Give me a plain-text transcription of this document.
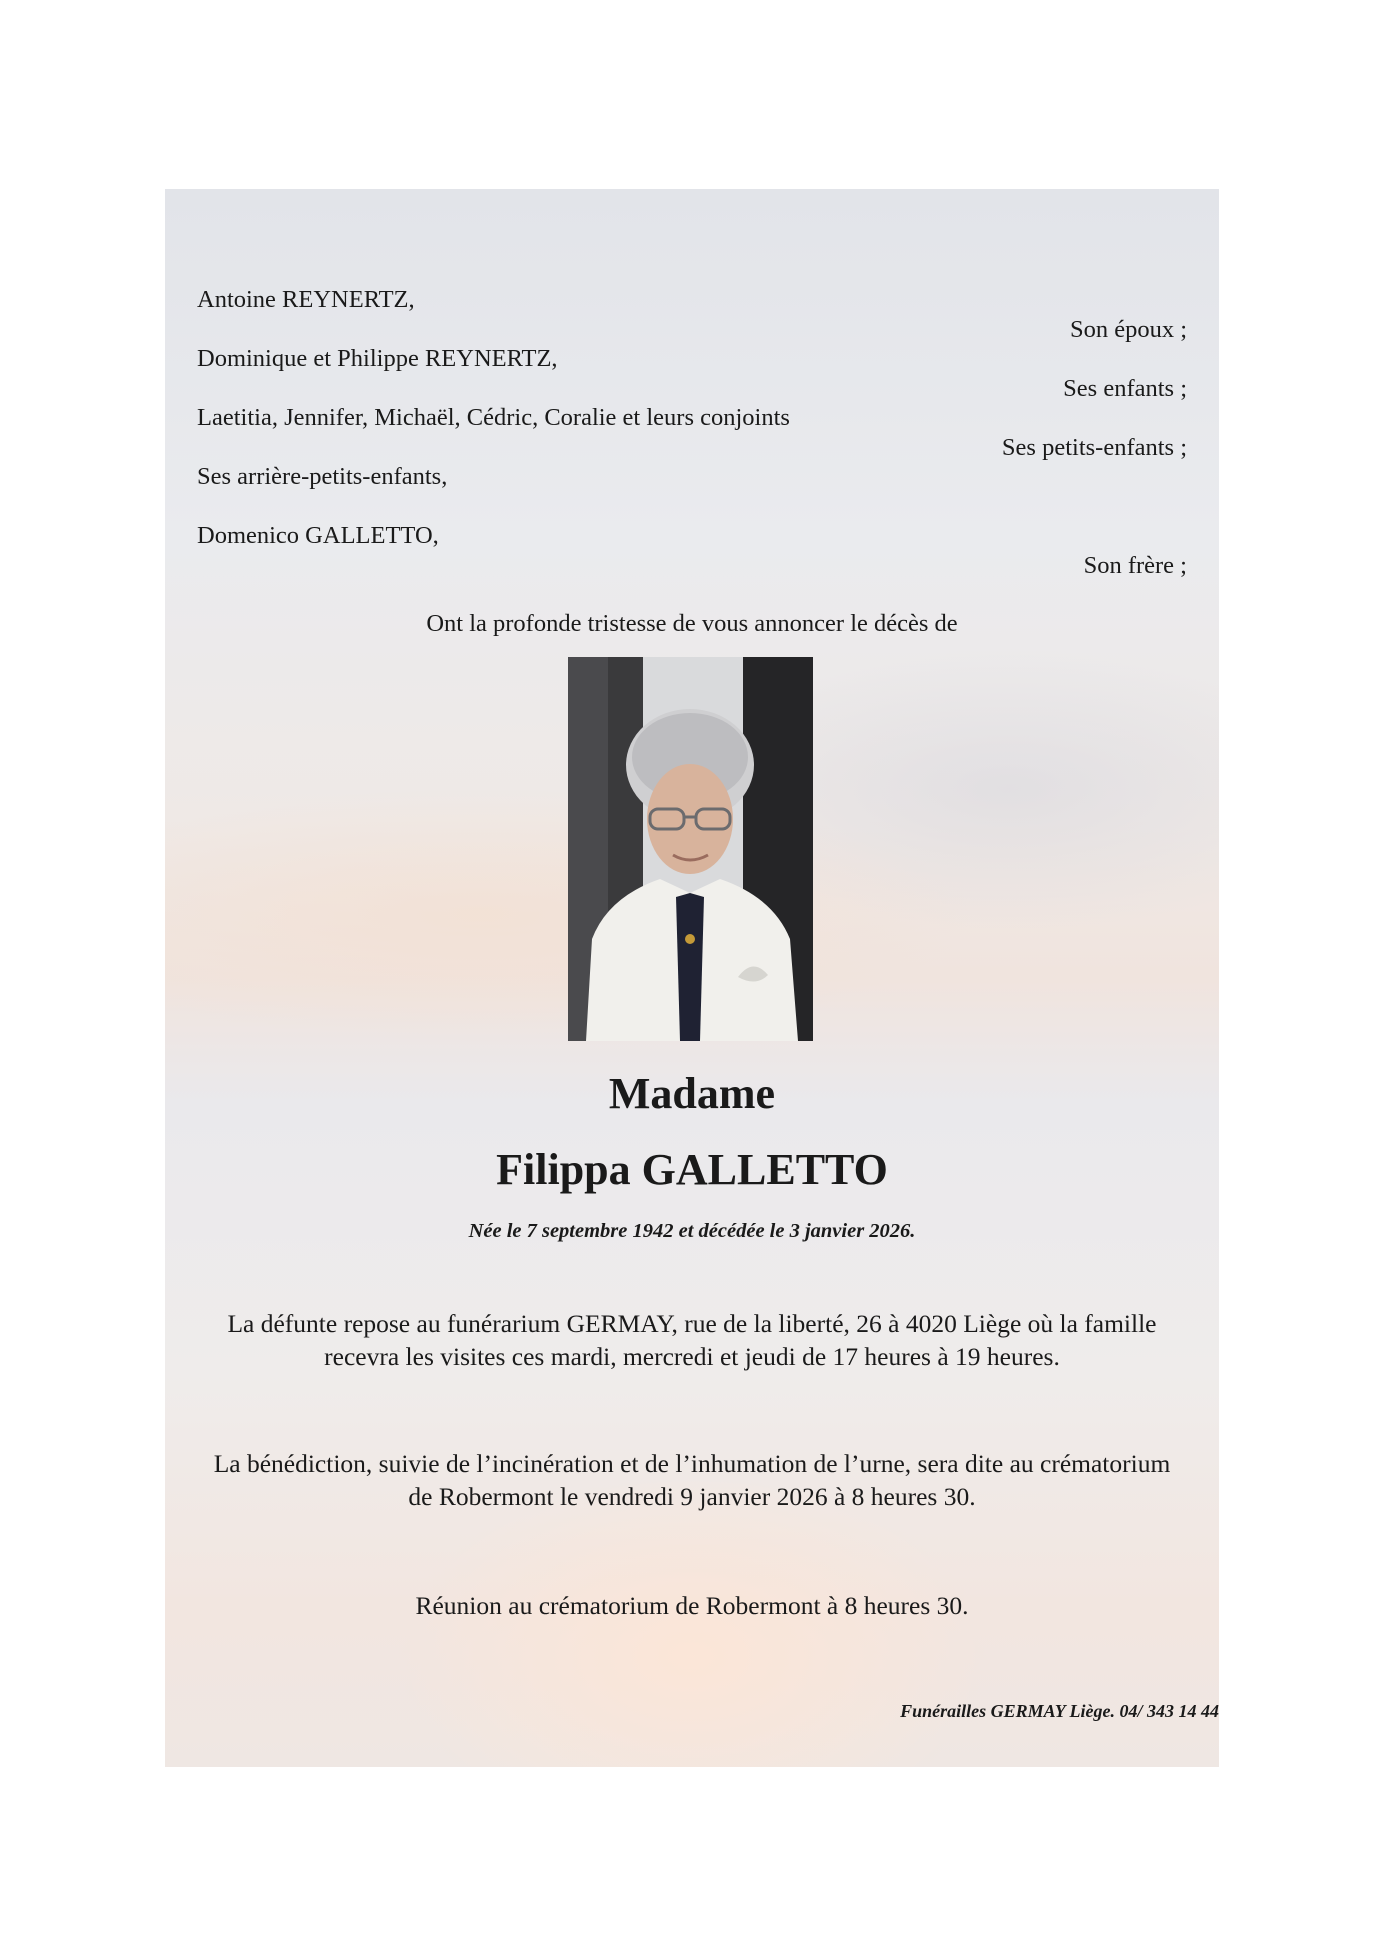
Antoine REYNERTZ,
Son époux ;
Dominique et Philippe REYNERTZ,
Ses enfants ;
Laetitia, Jennifer, Michaël, Cédric, Coralie et leurs conjoints
Ses petits-enfants ;
Ses arrière-petits-enfants,
Domenico GALLETTO,
Son frère ;
Ont la profonde tristesse de vous annoncer le décès de
Madame
Filippa GALLETTO
Née le 7 septembre 1942 et décédée le 3 janvier 2026.
La défunte repose au funérarium GERMAY, rue de la liberté, 26 à 4020 Liège où la famille
recevra les visites ces mardi, mercredi et jeudi de 17 heures à 19 heures.
La bénédiction, suivie de l’incinération et de l’inhumation de l’urne, sera dite au crématorium
de Robermont le vendredi 9 janvier 2026 à 8 heures 30.
Réunion au crématorium de Robermont à 8 heures 30.
Funérailles GERMAY Liège. 04/ 343 14 44
